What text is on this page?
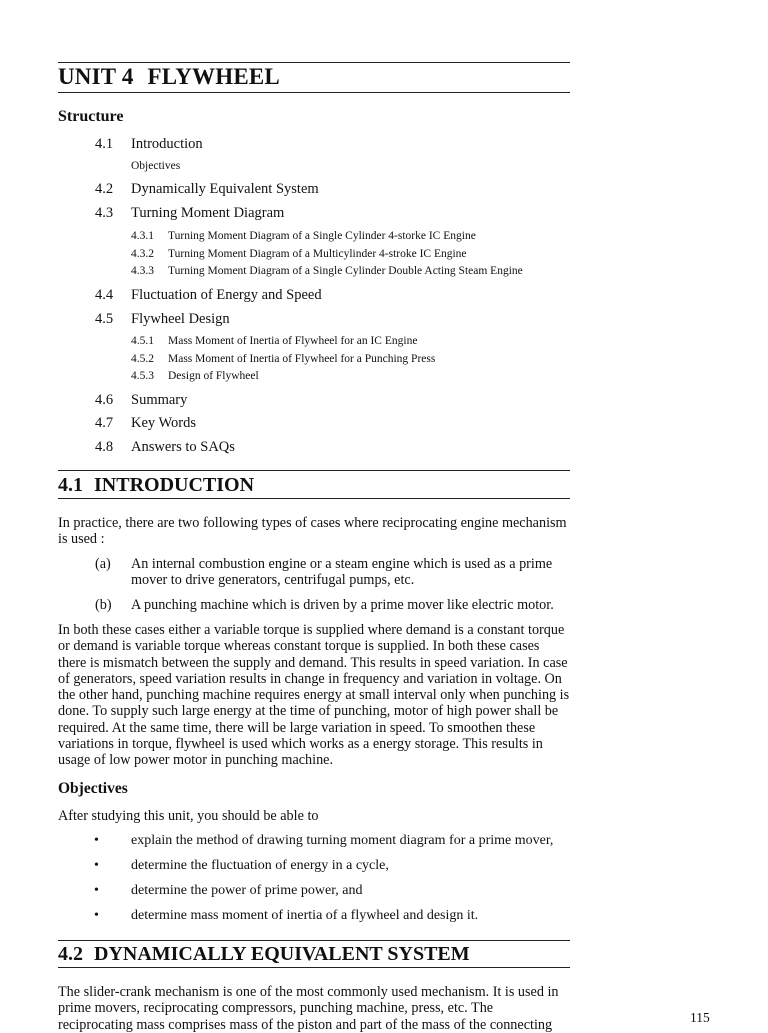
UNIT 4 FLYWHEEL
Structure
4.1 Introduction
Objectives
4.2 Dynamically Equivalent System
4.3 Turning Moment Diagram
4.3.1 Turning Moment Diagram of a Single Cylinder 4-storke IC Engine
4.3.2 Turning Moment Diagram of a Multicylinder 4-stroke IC Engine
4.3.3 Turning Moment Diagram of a Single Cylinder Double Acting Steam Engine
4.4 Fluctuation of Energy and Speed
4.5 Flywheel Design
4.5.1 Mass Moment of Inertia of Flywheel for an IC Engine
4.5.2 Mass Moment of Inertia of Flywheel for a Punching Press
4.5.3 Design of Flywheel
4.6 Summary
4.7 Key Words
4.8 Answers to SAQs
4.1 INTRODUCTION
In practice, there are two following types of cases where reciprocating engine mechanism is used :
(a) An internal combustion engine or a steam engine which is used as a prime mover to drive generators, centrifugal pumps, etc.
(b) A punching machine which is driven by a prime mover like electric motor.
In both these cases either a variable torque is supplied where demand is a constant torque or demand is variable torque whereas constant torque is supplied. In both these cases there is mismatch between the supply and demand. This results in speed variation. In case of generators, speed variation results in change in frequency and variation in voltage. On the other hand, punching machine requires energy at small interval only when punching is done. To supply such large energy at the time of punching, motor of high power shall be required. At the same time, there will be large variation in speed. To smoothen these variations in torque, flywheel is used which works as a energy storage. This results in usage of low power motor in punching machine.
Objectives
After studying this unit, you should be able to
• explain the method of drawing turning moment diagram for a prime mover,
• determine the fluctuation of energy in a cycle,
• determine the power of prime power, and
• determine mass moment of inertia of a flywheel and design it.
4.2 DYNAMICALLY EQUIVALENT SYSTEM
The slider-crank mechanism is one of the most commonly used mechanism. It is used in prime movers, reciprocating compressors, punching machine, press, etc. The reciprocating mass comprises mass of the piston and part of the mass of the connecting	115
